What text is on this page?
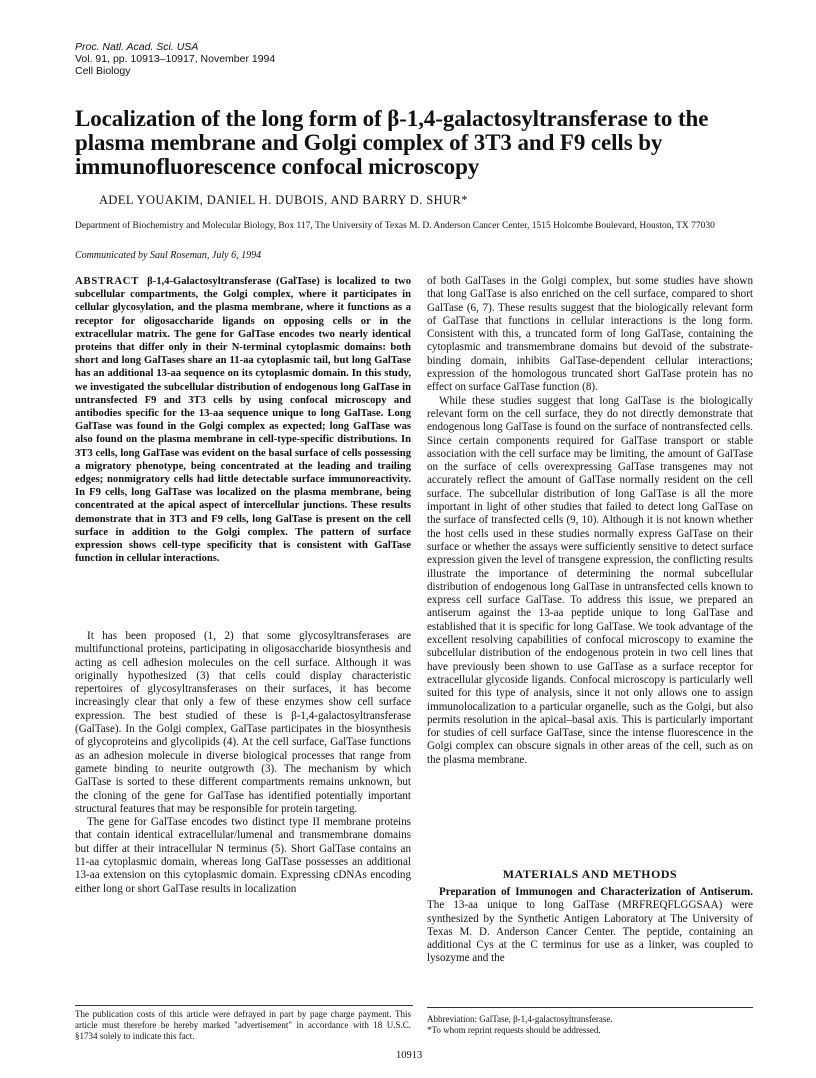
Proc. Natl. Acad. Sci. USA
Vol. 91, pp. 10913–10917, November 1994
Cell Biology
Localization of the long form of β-1,4-galactosyltransferase to the plasma membrane and Golgi complex of 3T3 and F9 cells by immunofluorescence confocal microscopy
ADEL YOUAKIM, DANIEL H. DUBOIS, AND BARRY D. SHUR*
Department of Biochemistry and Molecular Biology, Box 117, The University of Texas M. D. Anderson Cancer Center, 1515 Holcombe Boulevard, Houston, TX 77030
Communicated by Saul Roseman, July 6, 1994

ABSTRACT β-1,4-Galactosyltransferase (GalTase) is localized to two subcellular compartments, the Golgi complex, where it participates in cellular glycosylation, and the plasma membrane, where it functions as a receptor for oligosaccharide ligands on opposing cells or in the extracellular matrix. The gene for GalTase encodes two nearly identical proteins that differ only in their N-terminal cytoplasmic domains: both short and long GalTases share an 11-aa cytoplasmic tail, but long GalTase has an additional 13-aa sequence on its cytoplasmic domain. In this study, we investigated the subcellular distribution of endogenous long GalTase in untransfected F9 and 3T3 cells by using confocal microscopy and antibodies specific for the 13-aa sequence unique to long GalTase. Long GalTase was found in the Golgi complex as expected; long GalTase was also found on the plasma membrane in cell-type-specific distributions. In 3T3 cells, long GalTase was evident on the basal surface of cells possessing a migratory phenotype, being concentrated at the leading and trailing edges; nonmigratory cells had little detectable surface immunoreactivity. In F9 cells, long GalTase was localized on the plasma membrane, being concentrated at the apical aspect of intercellular junctions. These results demonstrate that in 3T3 and F9 cells, long GalTase is present on the cell surface in addition to the Golgi complex. The pattern of surface expression shows cell-type specificity that is consistent with GalTase function in cellular interactions.

It has been proposed (1, 2) that some glycosyltransferases are multifunctional proteins, participating in oligosaccharide biosynthesis and acting as cell adhesion molecules on the cell surface. Although it was originally hypothesized (3) that cells could display characteristic repertoires of glycosyltransferases on their surfaces, it has become increasingly clear that only a few of these enzymes show cell surface expression. The best studied of these is β-1,4-galactosyltransferase (GalTase). In the Golgi complex, GalTase participates in the biosynthesis of glycoproteins and glycolipids (4). At the cell surface, GalTase functions as an adhesion molecule in diverse biological processes that range from gamete binding to neurite outgrowth (3). The mechanism by which GalTase is sorted to these different compartments remains unknown, but the cloning of the gene for GalTase has identified potentially important structural features that may be responsible for protein targeting.

The gene for GalTase encodes two distinct type II membrane proteins that contain identical extracellular/lumenal and transmembrane domains but differ at their intracellular N terminus (5). Short GalTase contains an 11-aa cytoplasmic domain, whereas long GalTase possesses an additional 13-aa extension on this cytoplasmic domain. Expressing cDNAs encoding either long or short GalTase results in localization

The publication costs of this article were defrayed in part by page charge payment. This article must therefore be hereby marked "advertisement" in accordance with 18 U.S.C. §1734 solely to indicate this fact.

of both GalTases in the Golgi complex, but some studies have shown that long GalTase is also enriched on the cell surface, compared to short GalTase (6, 7). These results suggest that the biologically relevant form of GalTase that functions in cellular interactions is the long form. Consistent with this, a truncated form of long GalTase, containing the cytoplasmic and transmembrane domains but devoid of the substrate-binding domain, inhibits GalTase-dependent cellular interactions; expression of the homologous truncated short GalTase protein has no effect on surface GalTase function (8).

While these studies suggest that long GalTase is the biologically relevant form on the cell surface, they do not directly demonstrate that endogenous long GalTase is found on the surface of nontransfected cells. Since certain components required for GalTase transport or stable association with the cell surface may be limiting, the amount of GalTase on the surface of cells overexpressing GalTase transgenes may not accurately reflect the amount of GalTase normally resident on the cell surface. The subcellular distribution of long GalTase is all the more important in light of other studies that failed to detect long GalTase on the surface of transfected cells (9, 10). Although it is not known whether the host cells used in these studies normally express GalTase on their surface or whether the assays were sufficiently sensitive to detect surface expression given the level of transgene expression, the conflicting results illustrate the importance of determining the normal subcellular distribution of endogenous long GalTase in untransfected cells known to express cell surface GalTase. To address this issue, we prepared an antiserum against the 13-aa peptide unique to long GalTase and established that it is specific for long GalTase. We took advantage of the excellent resolving capabilities of confocal microscopy to examine the subcellular distribution of the endogenous protein in two cell lines that have previously been shown to use GalTase as a surface receptor for extracellular glycoside ligands. Confocal microscopy is particularly well suited for this type of analysis, since it not only allows one to assign immunolocalization to a particular organelle, such as the Golgi, but also permits resolution in the apical–basal axis. This is particularly important for studies of cell surface GalTase, since the intense fluorescence in the Golgi complex can obscure signals in other areas of the cell, such as on the plasma membrane.

MATERIALS AND METHODS

Preparation of Immunogen and Characterization of Antiserum. The 13-aa unique to long GalTase (MRFREQFLGGSAA) were synthesized by the Synthetic Antigen Laboratory at The University of Texas M. D. Anderson Cancer Center. The peptide, containing an additional Cys at the C terminus for use as a linker, was coupled to lysozyme and the

Abbreviation: GalTase, β-1,4-galactosyltransferase.
*To whom reprint requests should be addressed.
10913
